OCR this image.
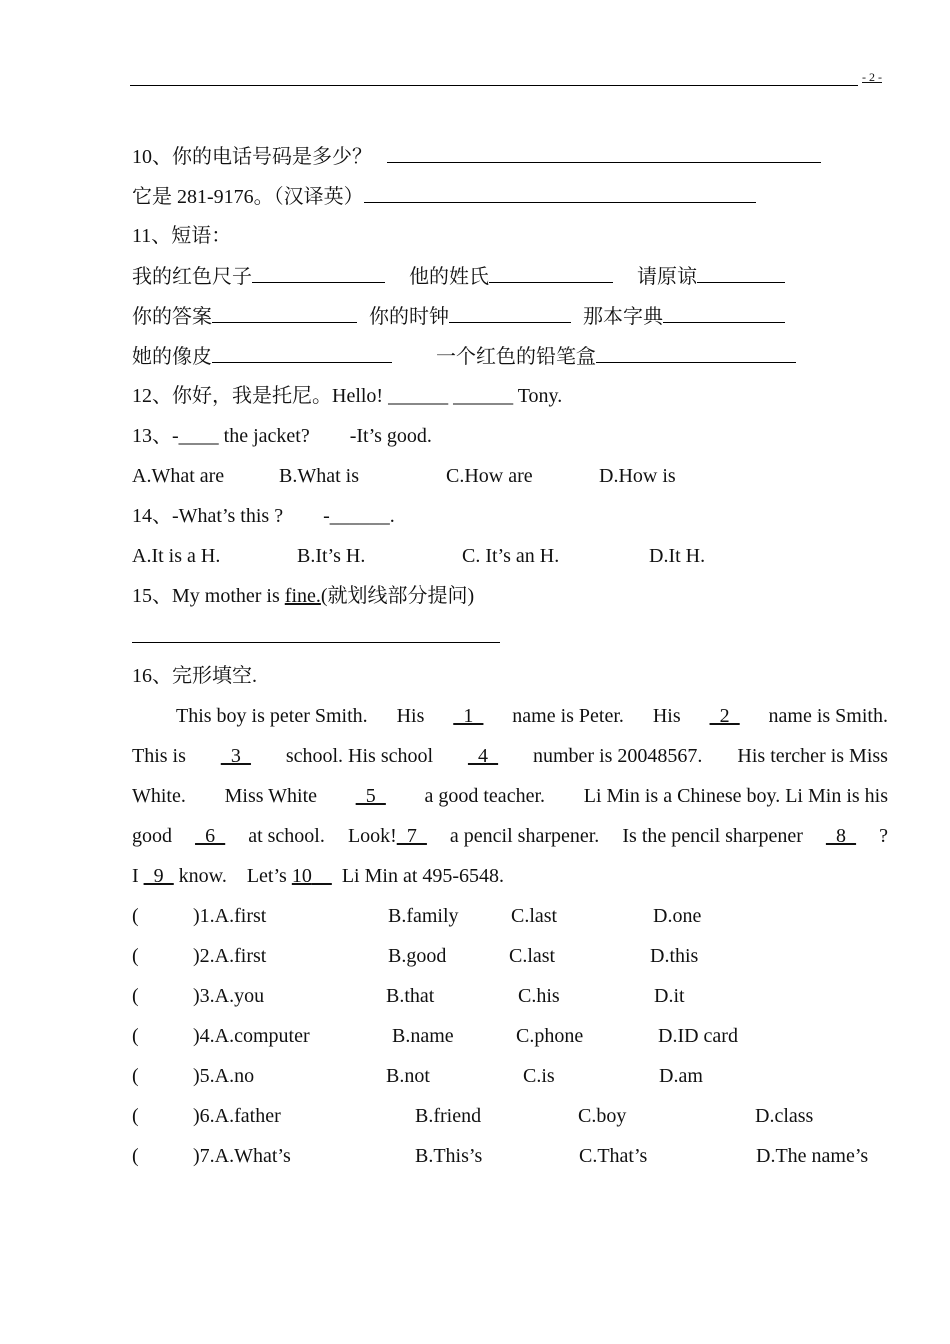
- 2 -
10、你的电话号码是多少？
它是 281-9176。（汉译英）
11、短语：
我的红色尺子	他的姓氏	请原谅
你的答案	你的时钟	那本字典
她的像皮	一个红色的铅笔盒
12、你好，我是托尼。Hello! ______ ______ Tony.
13、-____ the jacket?        -It’s good.
A.What are	B.What is	C.How are	D.How is
14、-What’s this ?        -______.
A.It is a H.	B.It’s H.	C. It’s an H.	D.It H.
15、My mother is fine.(就划线部分提问)
16、完形填空.
This boy is peter Smith. His _1_ name is Peter. His _2_ name is Smith.
This is _3_ school. His school _4_ number is 20048567. His tercher is Miss
White. Miss White _5_ a good teacher. Li Min is a Chinese boy. Li Min is his
good _6_ at school. Look!_7_ a pencil sharpener. Is the pencil sharpener _8_ ?
I _9_ know. Let’s 10 Li Min at 495-6548.
(	)1.A.first	B.family	C.last	D.one
(	)2.A.first	B.good	C.last	D.this
(	)3.A.you	B.that	C.his	D.it
(	)4.A.computer	B.name	C.phone	D.ID card
(	)5.A.no	B.not	C.is	D.am
(	)6.A.father	B.friend	C.boy	D.class
(	)7.A.What’s	B.This’s	C.That’s	D.The name’s
